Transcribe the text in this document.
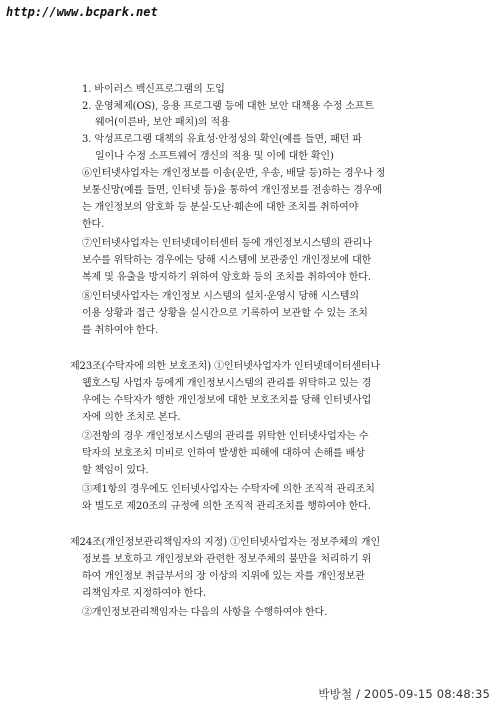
http://www.bcpark.net
1. 바이러스 백신프로그램의 도입
2. 운영체제(OS), 응용 프로그램 등에 대한 보안 대책용 수정 소프트
웨어(이른바, 보안 패치)의 적용
3. 악성프로그램 대책의 유효성·안정성의 확인(예를 들면, 패턴 파
일이나 수정 소프트웨어 갱신의 적용 및 이에 대한 확인)
⑥인터넷사업자는 개인정보를 이송(운반, 우송, 배달 등)하는 경우나 정
보통신망(예를 들면, 인터넷 등)을 통하여 개인정보를 전송하는 경우에
는 개인정보의 암호화 등 분실·도난·훼손에 대한 조치를 취하여야
한다.
⑦인터넷사업자는 인터넷데이터센터 등에 개인정보시스템의 관리나
보수를 위탁하는 경우에는 당해 시스템에 보관중인 개인정보에 대한
복제 및 유출을 방지하기 위하여 암호화 등의 조치를 취하여야 한다.
⑧인터넷사업자는 개인정보 시스템의 설치·운영시 당해 시스템의
이용 상황과 접근 상황을 실시간으로 기록하여 보관할 수 있는 조치
를 취하여야 한다.
제23조(수탁자에 의한 보호조치) ①인터넷사업자가 인터넷데이터센터나
웹호스팅 사업자 등에게 개인정보시스템의 관리를 위탁하고 있는 경
우에는 수탁자가 행한 개인정보에 대한 보호조치를 당해 인터넷사업
자에 의한 조치로 본다.
②전항의 경우 개인정보시스템의 관리를 위탁한 인터넷사업자는 수
탁자의 보호조치 미비로 인하여 발생한 피해에 대하여 손해를 배상
할 책임이 있다.
③제1항의 경우에도 인터넷사업자는 수탁자에 의한 조직적 관리조치
와 별도로 제20조의 규정에 의한 조직적 관리조치를 행하여야 한다.
제24조(개인정보관리책임자의 지정) ①인터넷사업자는 정보주체의 개인
정보를 보호하고 개인정보와 관련한 정보주체의 불만을 처리하기 위
하여 개인정보 취급부서의 장 이상의 지위에 있는 자를 개인정보관
리책임자로 지정하여야 한다.
②개인정보관리책임자는 다음의 사항을 수행하여야 한다.
박방철 / 2005-09-15 08:48:35
